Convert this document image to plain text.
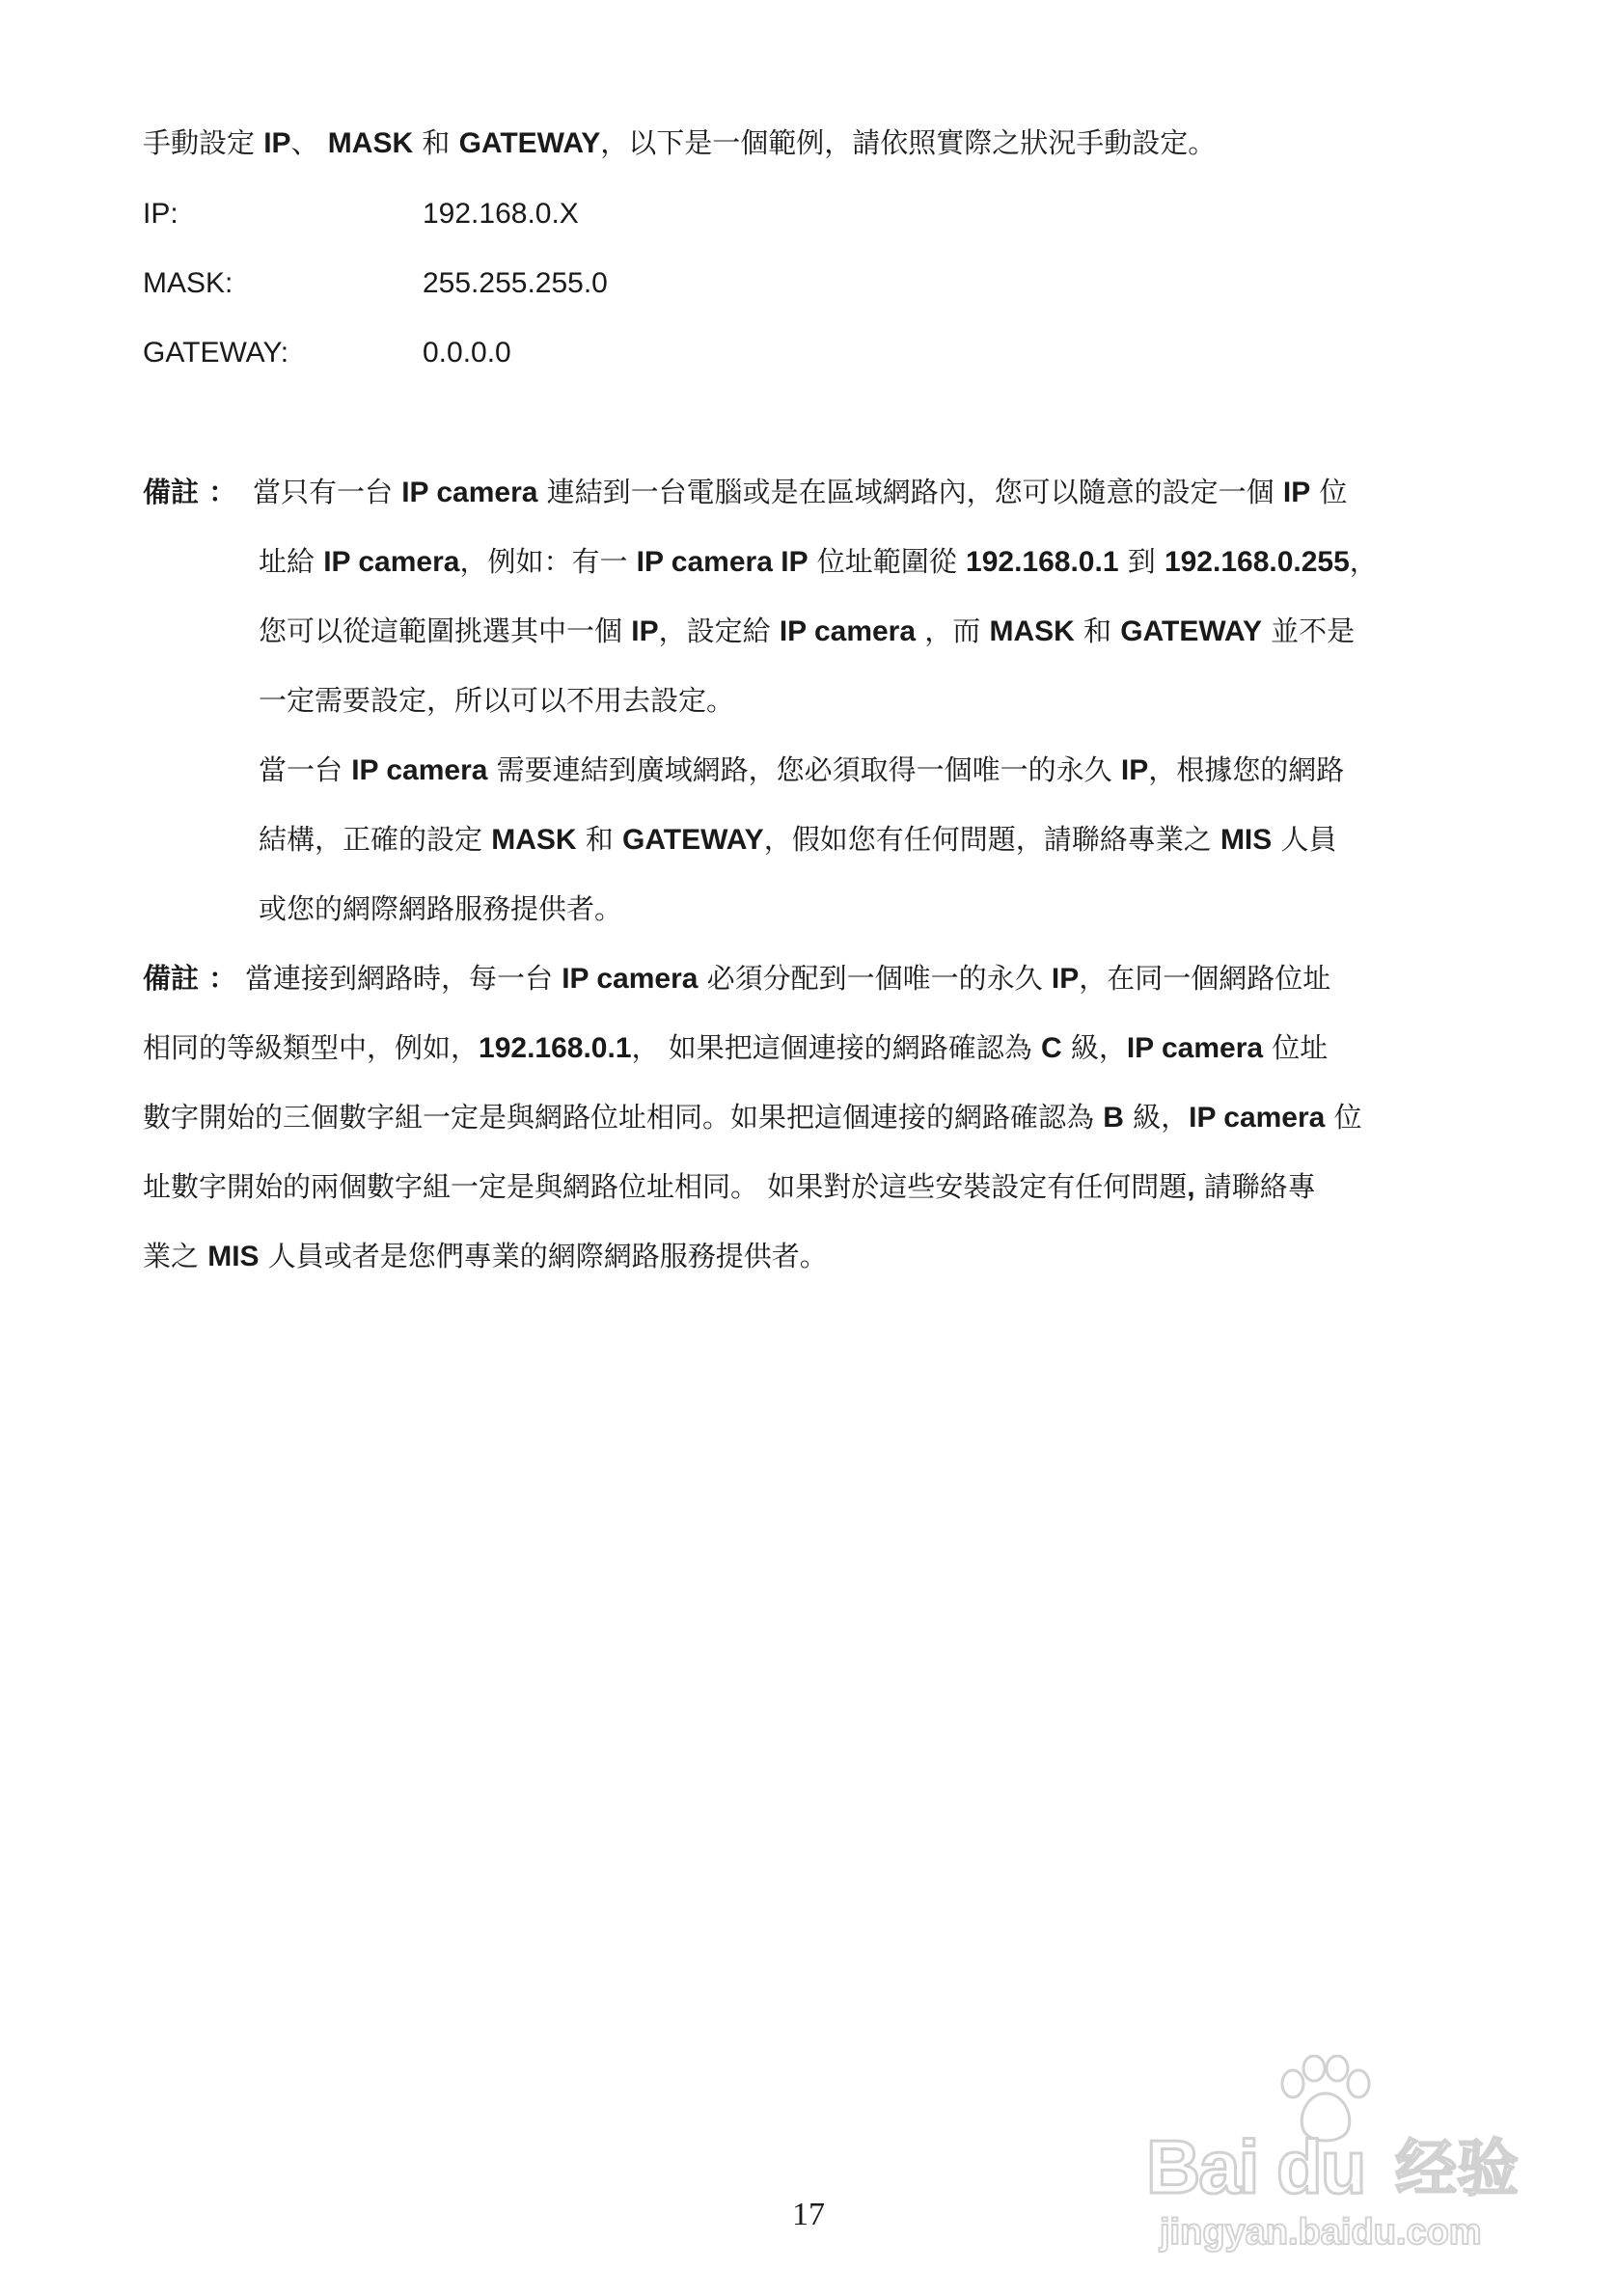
手動設定 IP、 MASK 和 GATEWAY，以下是一個範例，請依照實際之狀況手動設定。
IP:	192.168.0.X
MASK:	255.255.255.0
GATEWAY:	0.0.0.0
備註 ： 當只有一台 IP camera 連結到一台電腦或是在區域網路內，您可以隨意的設定一個 IP 位
址給 IP camera，例如：有一 IP camera IP 位址範圍從 192.168.0.1 到 192.168.0.255，
您可以從這範圍挑選其中一個 IP，設定給 IP camera ，而 MASK 和 GATEWAY 並不是
一定需要設定，所以可以不用去設定。
當一台 IP camera 需要連結到廣域網路，您必須取得一個唯一的永久 IP，根據您的網路
結構，正確的設定 MASK 和 GATEWAY，假如您有任何問題，請聯絡專業之 MIS 人員
或您的網際網路服務提供者。
備註 ： 當連接到網路時，每一台 IP camera 必須分配到一個唯一的永久 IP，在同一個網路位址
相同的等級類型中，例如，192.168.0.1， 如果把這個連接的網路確認為 C 級，IP camera 位址
數字開始的三個數字組一定是與網路位址相同。如果把這個連接的網路確認為 B 級，IP camera 位
址數字開始的兩個數字組一定是與網路位址相同。 如果對於這些安裝設定有任何問題, 請聯絡專
業之 MIS 人員或者是您們專業的網際網路服務提供者。
17
Bai du 经验
jingyan.baidu.com
